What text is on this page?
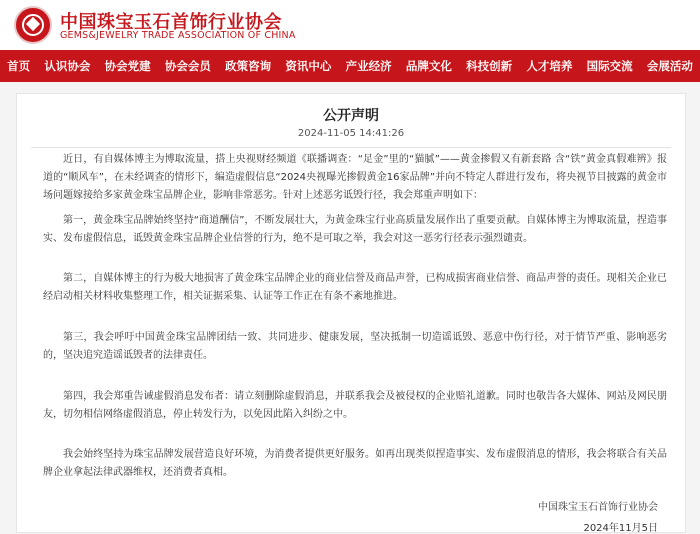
中国珠宝玉石首饰行业协会
GEMS&JEWELRY TRADE ASSOCIATION OF CHINA
首页	认识协会	协会党建	协会会员	政策咨询	资讯中心	产业经济	品牌文化	科技创新	人才培养	国际交流	会展活动
公开声明
2024-11-05 14:41:26

近日，有自媒体博主为博取流量，搭上央视财经频道《联播调查：“足金”里的“猫腻”——黄金掺假又有新套路 含“铁”黄金真假难辨》报道的“顺风车”，在未经调查的情形下，编造虚假信息“2024央视曝光掺假黄金16家品牌”并向不特定人群进行发布，将央视节目披露的黄金市场问题嫁接给多家黄金珠宝品牌企业，影响非常恶劣。针对上述恶劣诋毁行径，我会郑重声明如下：

第一，黄金珠宝品牌始终坚持“商道酬信”，不断发展壮大，为黄金珠宝行业高质量发展作出了重要贡献。自媒体博主为博取流量，捏造事实、发布虚假信息，诋毁黄金珠宝品牌企业信誉的行为，绝不是可取之举，我会对这一恶劣行径表示强烈谴责。

第二，自媒体博主的行为极大地损害了黄金珠宝品牌企业的商业信誉及商品声誉，已构成损害商业信誉、商品声誉的责任。现相关企业已经启动相关材料收集整理工作，相关证据采集、认证等工作正在有条不紊地推进。

第三，我会呼吁中国黄金珠宝品牌团结一致、共同进步、健康发展，坚决抵制一切造谣诋毁、恶意中伤行径，对于情节严重、影响恶劣的，坚决追究造谣诋毁者的法律责任。

第四，我会郑重告诫虚假消息发布者：请立刻删除虚假消息，并联系我会及被侵权的企业赔礼道歉。同时也敬告各大媒体、网站及网民朋友，切勿相信网络虚假消息，停止转发行为，以免因此陷入纠纷之中。

我会始终坚持为珠宝品牌发展营造良好环境，为消费者提供更好服务。如再出现类似捏造事实、发布虚假消息的情形，我会将联合有关品牌企业拿起法律武器维权，还消费者真相。

中国珠宝玉石首饰行业协会
2024年11月5日
